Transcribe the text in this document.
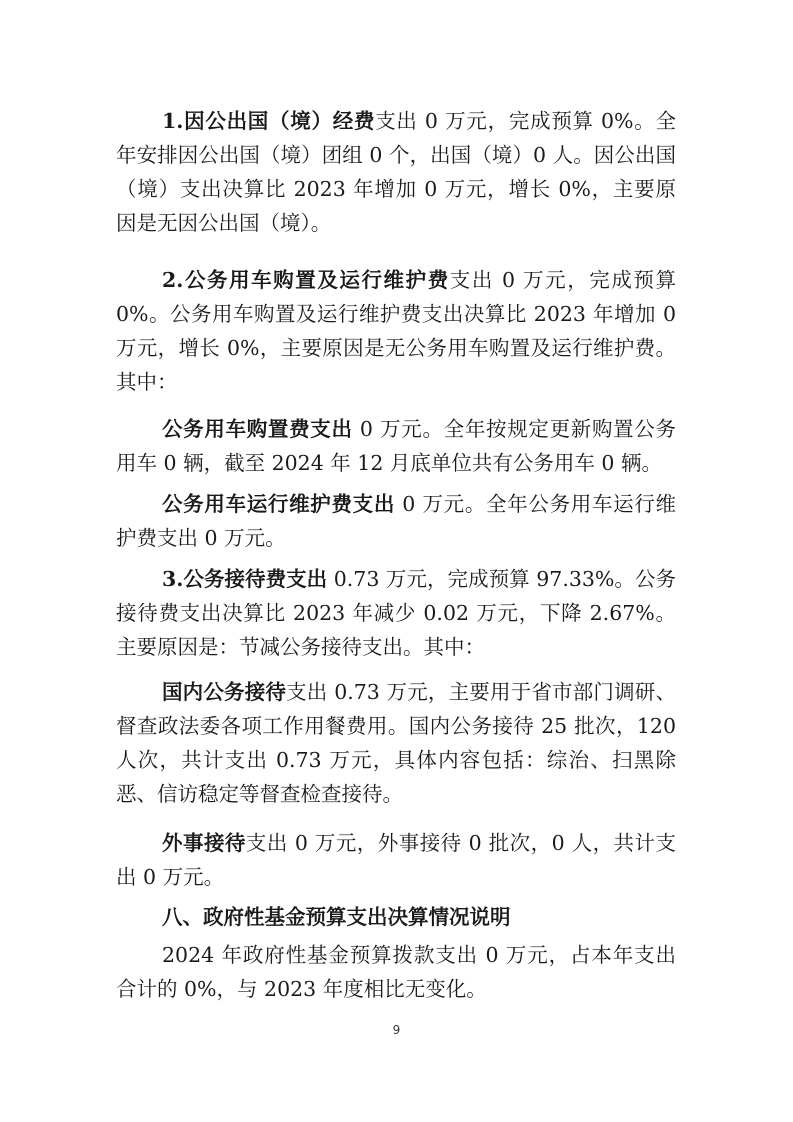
1.因公出国（境）经费支出 0 万元，完成预算 0%。全年安排因公出国（境）团组 0 个，出国（境）0 人。因公出国（境）支出决算比 2023 年增加 0 万元，增长 0%，主要原因是无因公出国（境）。

2.公务用车购置及运行维护费支出 0 万元，完成预算 0%。公务用车购置及运行维护费支出决算比 2023 年增加 0 万元，增长 0%，主要原因是无公务用车购置及运行维护费。其中：

公务用车购置费支出 0 万元。全年按规定更新购置公务用车 0 辆，截至 2024 年 12 月底单位共有公务用车 0 辆。

公务用车运行维护费支出 0 万元。全年公务用车运行维护费支出 0 万元。

3.公务接待费支出 0.73 万元，完成预算 97.33%。公务接待费支出决算比 2023 年减少 0.02 万元，下降 2.67%。主要原因是：节减公务接待支出。其中：

国内公务接待支出 0.73 万元，主要用于省市部门调研、督查政法委各项工作用餐费用。国内公务接待 25 批次，120 人次，共计支出 0.73 万元，具体内容包括：综治、扫黑除恶、信访稳定等督查检查接待。

外事接待支出 0 万元，外事接待 0 批次，0 人，共计支出 0 万元。

八、政府性基金预算支出决算情况说明

2024 年政府性基金预算拨款支出 0 万元，占本年支出合计的 0%，与 2023 年度相比无变化。

9
